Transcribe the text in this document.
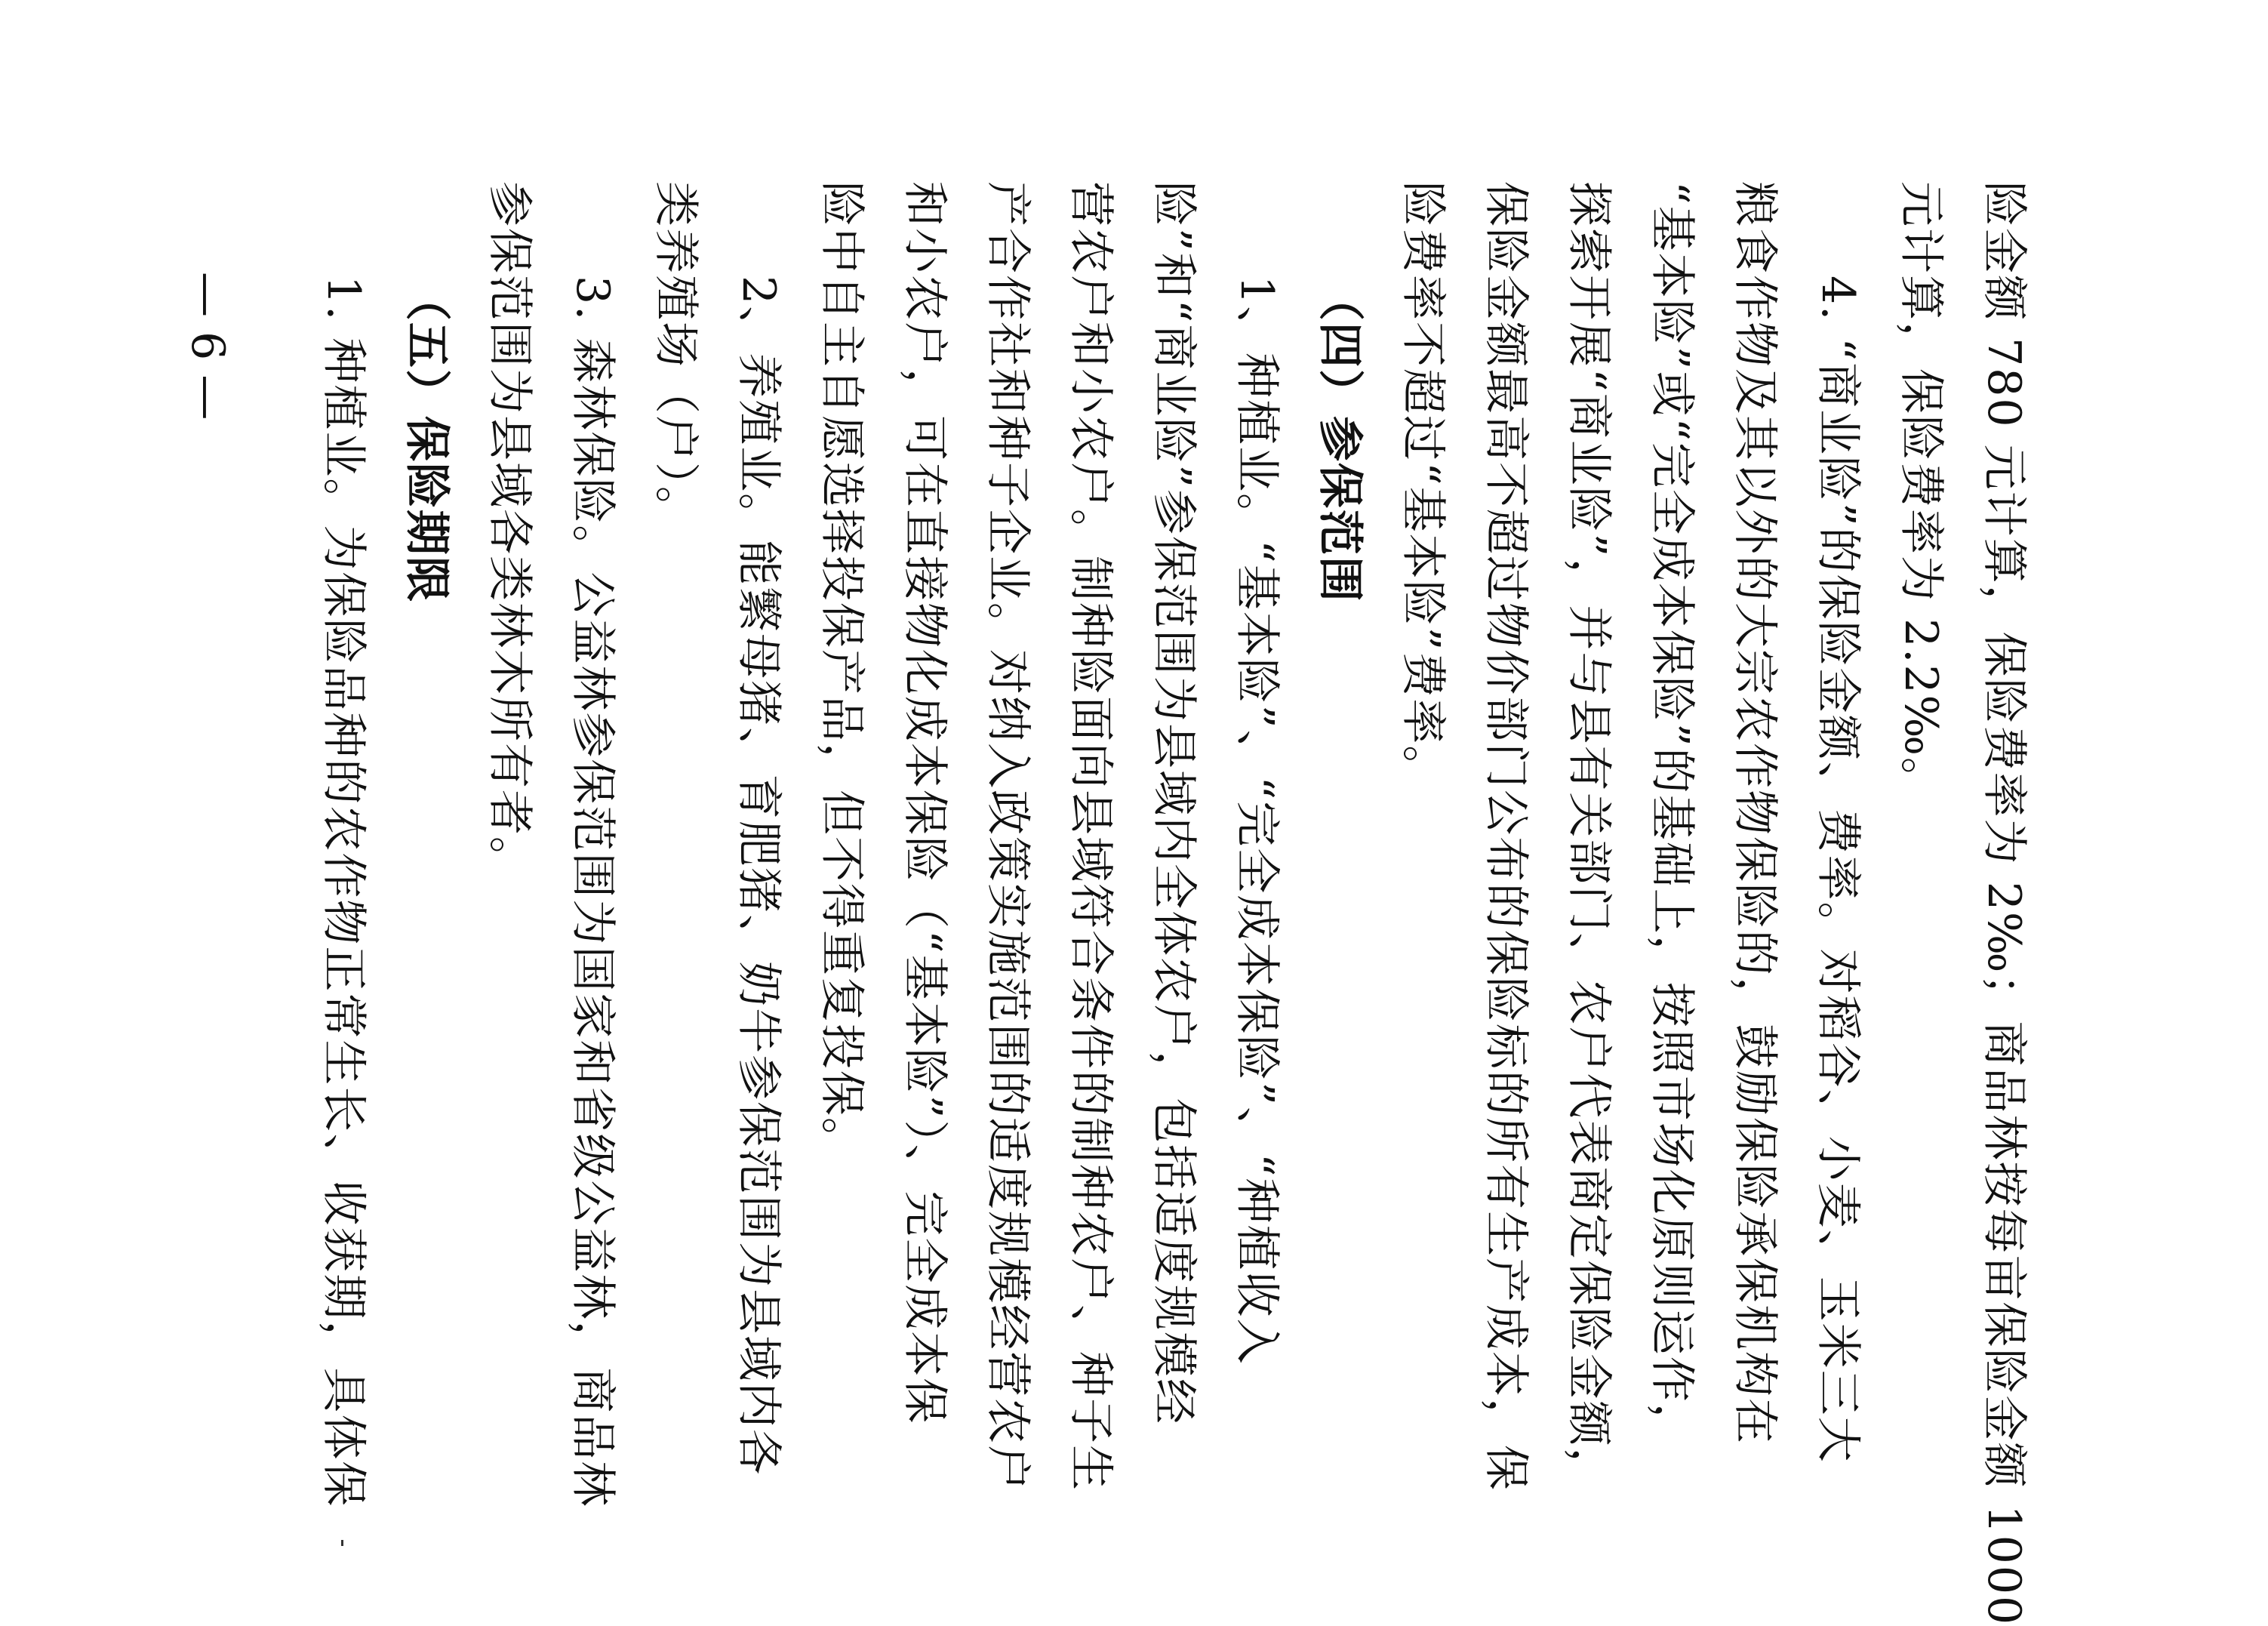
险金额 780 元计算，保险费率为 2‰；商品林按每亩保险金额 1000
元计算，保险费率为 2.2‰。
4. “商业险”的保险金额、费率。对稻谷、小麦、玉米三大
粮食作物及其以外的大宗农作物保险的，鼓励保险承保机构在
“基本险”或“完全成本保险”的基础上，按照市场化原则运作，
探索开展“商业险”，并与县有关部门、农户代表商定保险金额，
保险金额最高不超过物价部门公布的保险标的所有生产成本，保
险费率不超过“基本险”费率。
（四）参保范围
1、种植业。“基本险”、“完全成本保险”、“种植收入
险”和“商业险”参保范围为县域内全体农户，包括适度规模经
营农户和小农户。制种险面向县域符合条件的制种农户、种子生
产合作社和种子企业。对纳入政策实施范围的适度规模经营农户
和小农户，可在直接物化成本保险（“基本险”）、完全成本保
险中自主自愿选择投保产品，但不得重复投保。
2、养殖业。能繁母猪、育肥猪、奶牛参保范围为县域内各
类养殖场（户）。
3. 森林保险。公益林参保范围为国家和省级公益林，商品林
参保范围为县域各类林木所有者。
（五）保险期限
1. 种植业。为保险品种的农作物正常生长、收获期，具体保
— 6 —
